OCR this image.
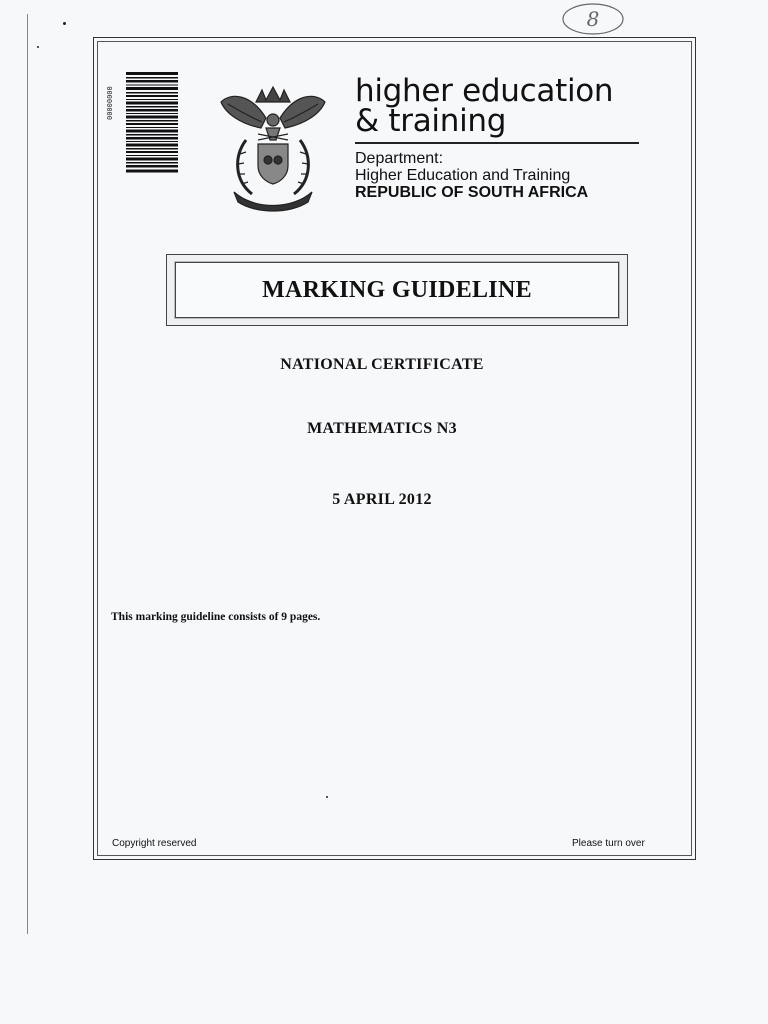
8
00000000	higher education
& training
Department:
Higher Education and Training
REPUBLIC OF SOUTH AFRICA
MARKING GUIDELINE
NATIONAL CERTIFICATE
MATHEMATICS N3
5 APRIL 2012
This marking guideline consists of 9 pages.
Copyright reserved	Please turn over
